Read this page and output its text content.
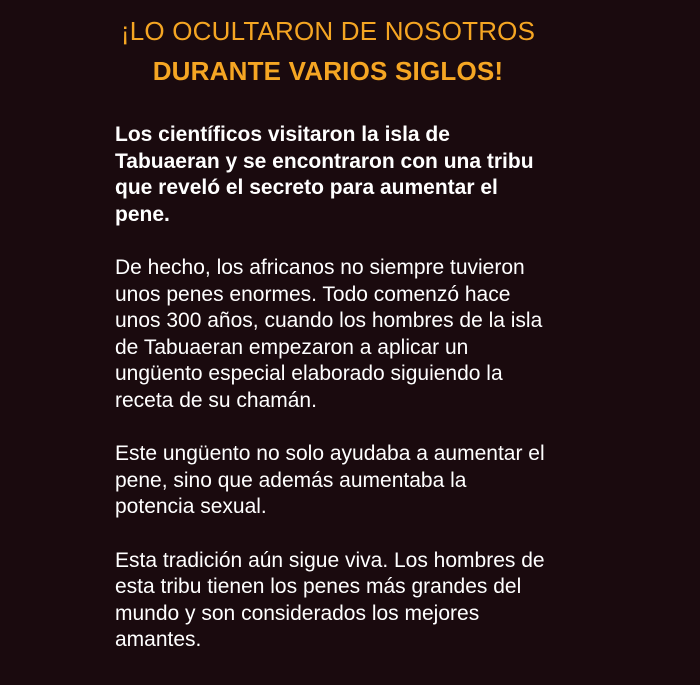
¡LO OCULTARON DE NOSOTROS
DURANTE VARIOS SIGLOS!

Los científicos visitaron la isla de Tabuaeran y se encontraron con una tribu que reveló el secreto para aumentar el pene.

De hecho, los africanos no siempre tuvieron unos penes enormes. Todo comenzó hace unos 300 años, cuando los hombres de la isla de Tabuaeran empezaron a aplicar un ungüento especial elaborado siguiendo la receta de su chamán.

Este ungüento no solo ayudaba a aumentar el pene, sino que además aumentaba la potencia sexual.

Esta tradición aún sigue viva. Los hombres de esta tribu tienen los penes más grandes del mundo y son considerados los mejores amantes.
